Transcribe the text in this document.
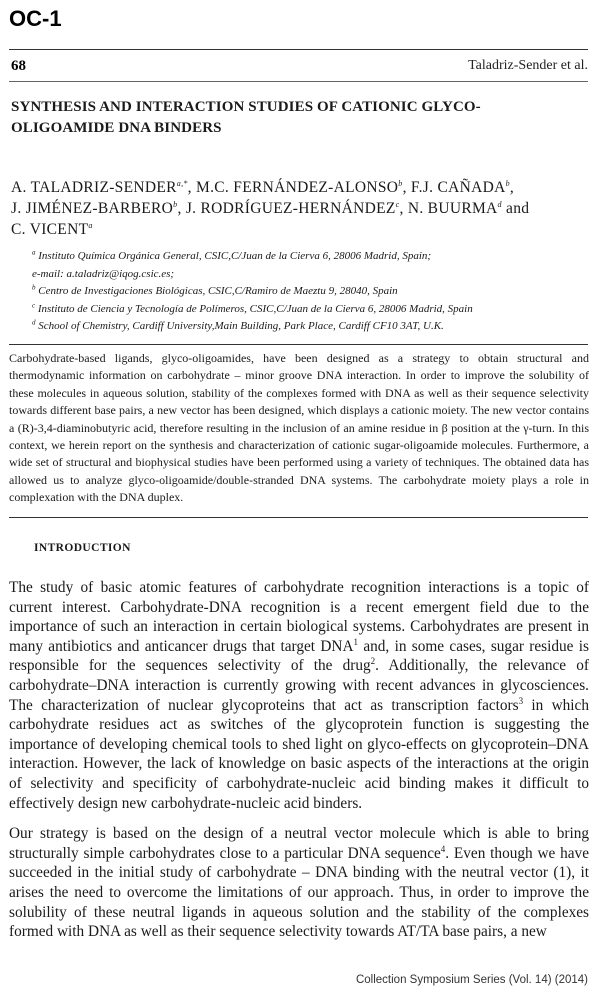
OC-1
68	Taladriz-Sender et al.
SYNTHESIS AND INTERACTION STUDIES OF CATIONIC GLYCO-
OLIGOAMIDE DNA BINDERS
A. TALADRIZ-$SENDER^{a,*}$, M.C. FERNÁNDEZ-ALONSO$^b$, F.J. CAÑADA$^b$,
J. JIMÉNEZ-BARBERO$^b$, J. RODRÍGUEZ-HERNÁNDEZ$^c$, N. BUURMA$^d$ and
C. VICENT$^a$
$^a$ Instituto Química Orgánica General, CSIC,C/Juan de la Cierva 6, 28006 Madrid, Spain;
e-mail: a.taladriz@iqog.csic.es;
$^b$ Centro de Investigaciones Biológicas, CSIC,C/Ramiro de Maeztu 9, 28040, Spain
$^c$ Instituto de Ciencia y Tecnología de Polímeros, CSIC,C/Juan de la Cierva 6, 28006 Madrid, Spain
$^d$ School of Chemistry, Cardiff University,Main Building, Park Place, Cardiff CF10 3AT, U.K.
Carbohydrate-based ligands, glyco-oligoamides, have been designed as a strategy to obtain structural and thermodynamic information on carbohydrate – minor groove DNA interaction. In order to improve the solubility of these molecules in aqueous solution, stability of the complexes formed with DNA as well as their sequence selectivity towards different base pairs, a new vector has been designed, which displays a cationic moiety. The new vector contains a (R)-3,4-diaminobutyric acid, therefore resulting in the inclusion of an amine residue in β position at the γ-turn. In this context, we herein report on the synthesis and characterization of cationic sugar-oligoamide molecules. Furthermore, a wide set of structural and biophysical studies have been performed using a variety of techniques. The obtained data has allowed us to analyze glyco-oligoamide/double-stranded DNA systems. The carbohydrate moiety plays a role in complexation with the DNA duplex.
INTRODUCTION

The study of basic atomic features of carbohydrate recognition interactions is a topic of current interest. Carbohydrate-DNA recognition is a recent emergent field due to the importance of such an interaction in certain biological systems. Carbohydrates are present in many antibiotics and anticancer drugs that target DNA$^1$ and, in some cases, sugar residue is responsible for the sequences selectivity of the drug$^2$. Additionally, the relevance of carbohydrate–DNA interaction is currently growing with recent advances in glycosciences. The characterization of nuclear glycoproteins that act as transcription factors$^3$ in which carbohydrate residues act as switches of the glycoprotein function is suggesting the importance of developing chemical tools to shed light on glyco-effects on glycoprotein–DNA interaction. However, the lack of knowledge on basic aspects of the interactions at the origin of selectivity and specificity of carbohydrate-nucleic acid binding makes it difficult to effectively design new carbohydrate-nucleic acid binders.

Our strategy is based on the design of a neutral vector molecule which is able to bring structurally simple carbohydrates close to a particular DNA sequence$^4$. Even though we have succeeded in the initial study of carbohydrate – DNA binding with the neutral vector (1), it arises the need to overcome the limitations of our approach. Thus, in order to improve the solubility of these neutral ligands in aqueous solution and the stability of the complexes formed with DNA as well as their sequence selectivity towards AT/TA base pairs, a new

Collection Symposium Series (Vol. 14) (2014)
